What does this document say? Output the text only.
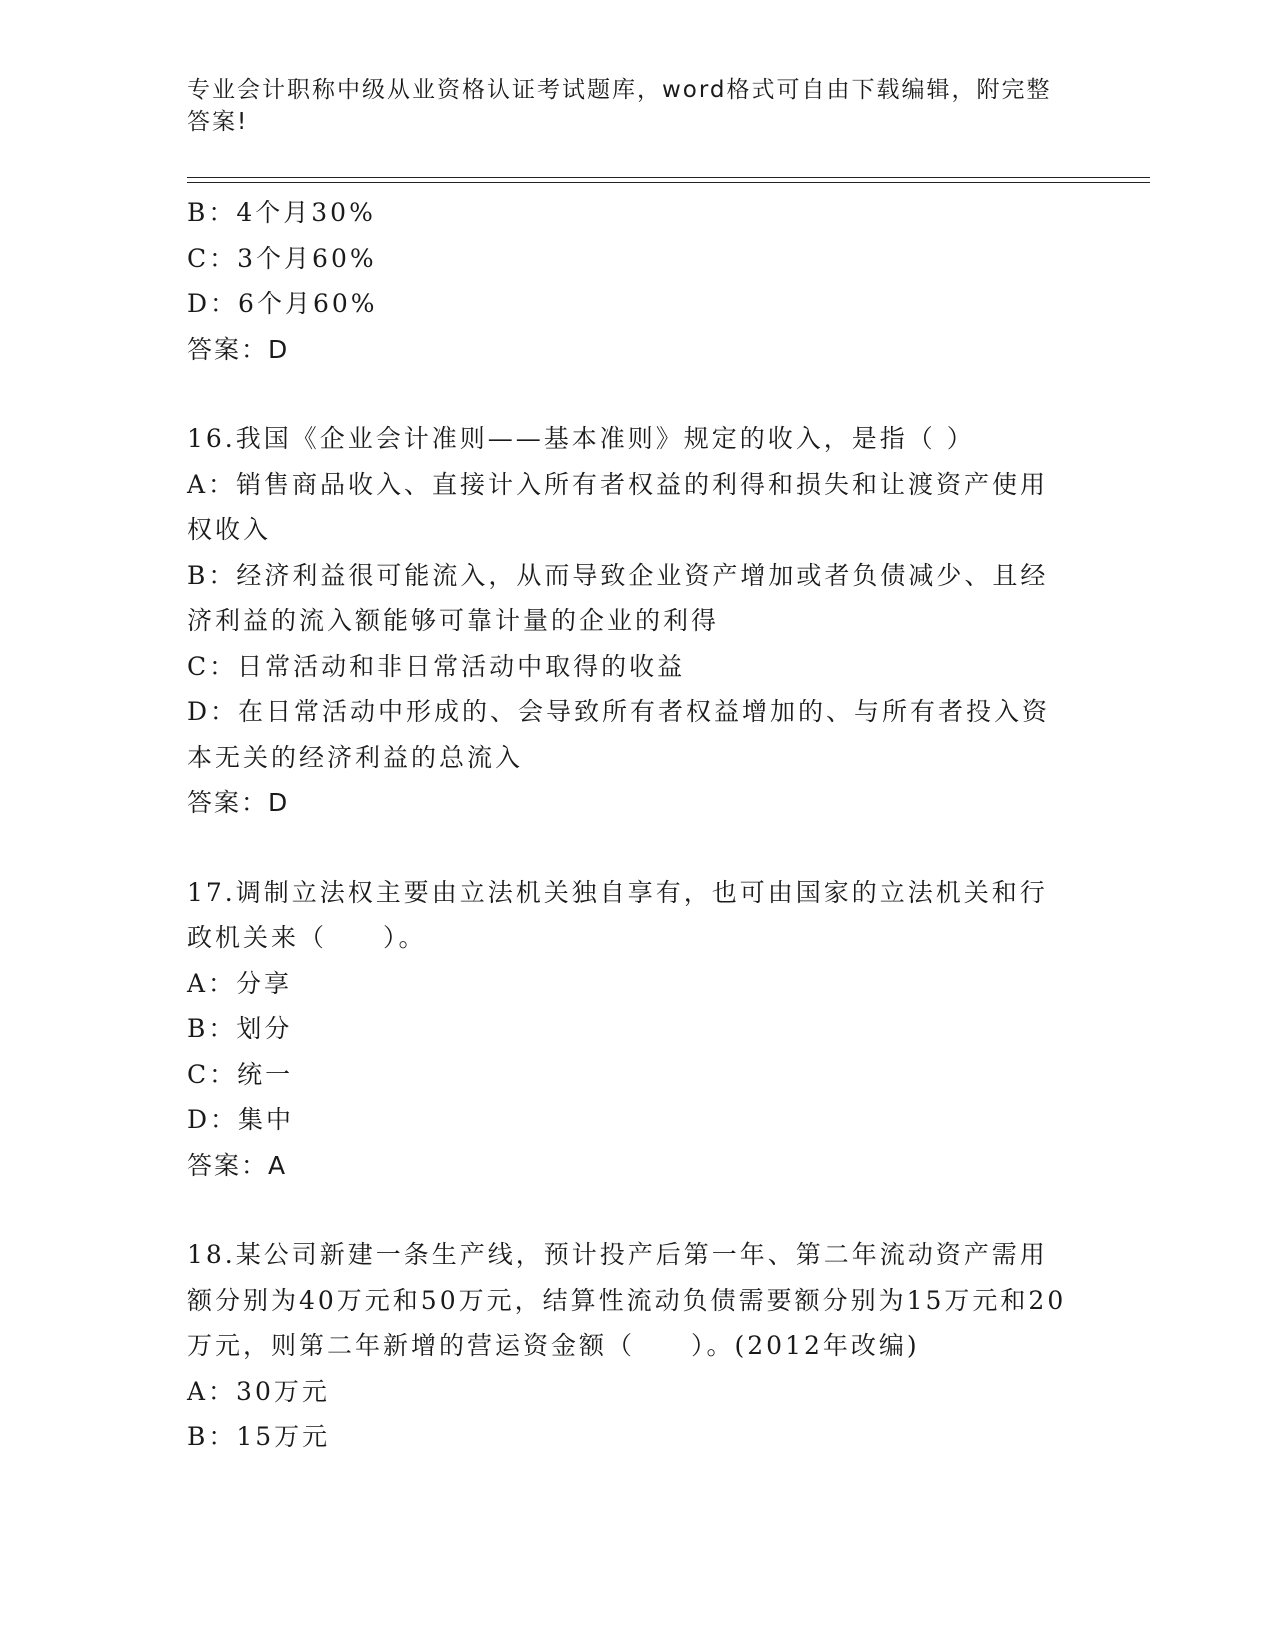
专业会计职称中级从业资格认证考试题库，word格式可自由下载编辑，附完整答案!
B：4个月30%
C：3个月60%
D：6个月60%
答案：D
16.我国《企业会计准则——基本准则》规定的收入，是指（ ）
A：销售商品收入、直接计入所有者权益的利得和损失和让渡资产使用权收入
B：经济利益很可能流入，从而导致企业资产增加或者负债减少、且经济利益的流入额能够可靠计量的企业的利得
C：日常活动和非日常活动中取得的收益
D：在日常活动中形成的、会导致所有者权益增加的、与所有者投入资本无关的经济利益的总流入
答案：D
17.调制立法权主要由立法机关独自享有，也可由国家的立法机关和行政机关来（　　）。
A：分享
B：划分
C：统一
D：集中
答案：A
18.某公司新建一条生产线，预计投产后第一年、第二年流动资产需用额分别为40万元和50万元，结算性流动负债需要额分别为15万元和20万元，则第二年新增的营运资金额（　　）。(2012年改编)
A：30万元
B：15万元
